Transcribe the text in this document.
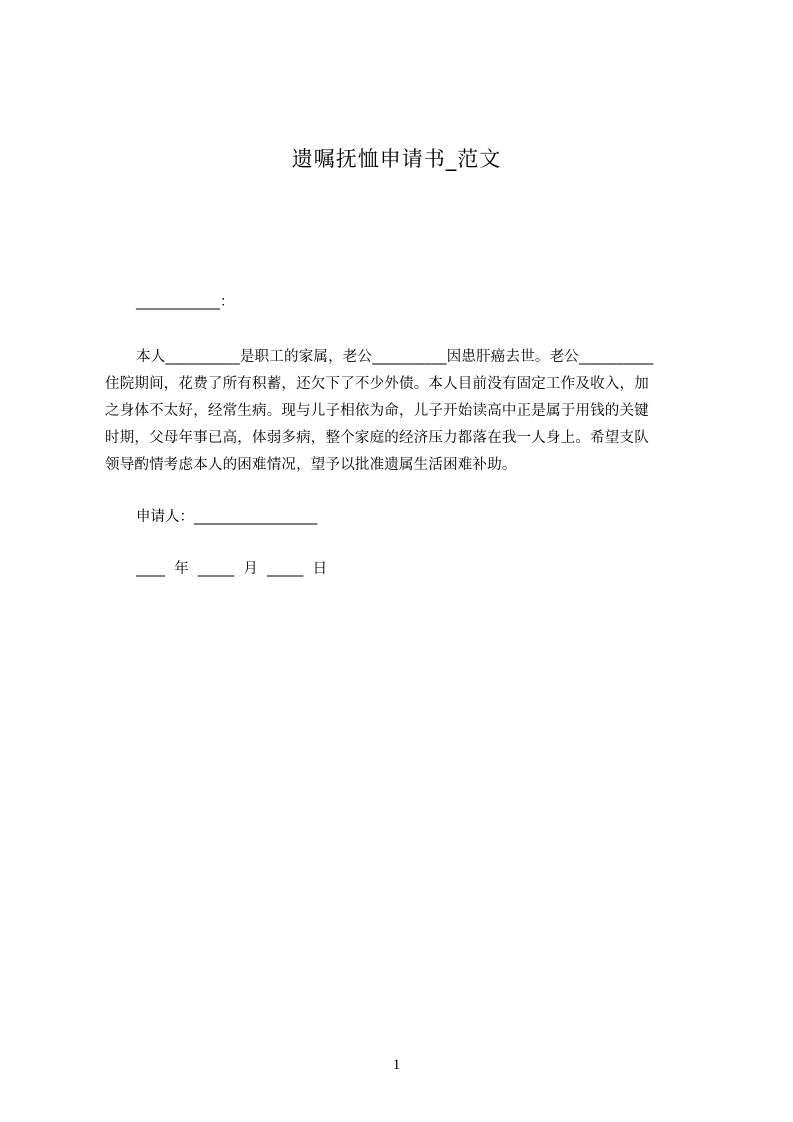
遗嘱抚恤申请书_范文
____________：
本人__________是职工的家属，老公__________因患肝癌去世。老公__________
住院期间，花费了所有积蓄，还欠下了不少外债。本人目前没有固定工作及收入，加
之身体不太好，经常生病。现与儿子相依为命，儿子开始读高中正是属于用钱的关键
时期，父母年事已高，体弱多病，整个家庭的经济压力都落在我一人身上。希望支队
领导酌情考虑本人的困难情况，望予以批准遗属生活困难补助。
申请人：_________________
____  年  _____  月  _____  日
1
